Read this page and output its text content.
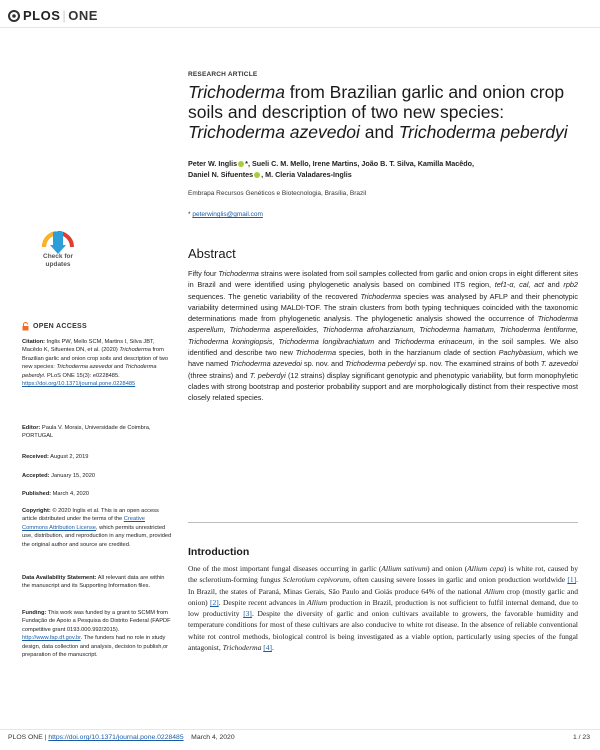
PLOS | ONE
RESEARCH ARTICLE
Trichoderma from Brazilian garlic and onion crop soils and description of two new species: Trichoderma azevedoi and Trichoderma peberdyi
Peter W. Inglis *, Sueli C. M. Mello, Irene Martins, João B. T. Silva, Kamilla Macêdo,
Daniel N. Sifuentes , M. Cleria Valadares-Inglis
Embrapa Recursos Genéticos e Biotecnologia, Brasília, Brazil
* peterwinglis@gmail.com
Abstract
Fifty four Trichoderma strains were isolated from soil samples collected from garlic and onion crops in eight different sites in Brazil and were identified using phylogenetic analysis based on combined ITS region, tef1-α, cal, act and rpb2 sequences. The genetic variability of the recovered Trichoderma species was analysed by AFLP and their phenotypic variability determined using MALDI-TOF. The strain clusters from both typing techniques coincided with the taxonomic determinations made from phylogenetic analysis. The phylogenetic analysis showed the occurrence of Trichoderma asperellum, Trichoderma asperelloides, Trichoderma afroharzianum, Trichoderma hamatum, Trichoderma lentiforme, Trichoderma koningiopsis, Trichoderma longibrachiatum and Trichoderma erinaceum, in the soil samples. We also identified and describe two new Trichoderma species, both in the harzianum clade of section Pachybasium, which we have named Trichoderma azevedoi sp. nov. and Trichoderma peberdyi sp. nov. The examined strains of both T. azevedoi (three strains) and T. peberdyi (12 strains) display significant genotypic and phenotypic variability, but form monophyletic clades with strong bootstrap and posterior probability support and are morphologically distinct from their respective most closely related species.
Introduction
One of the most important fungal diseases occurring in garlic (Allium sativum) and onion (Allium cepa) is white rot, caused by the sclerotium-forming fungus Sclerotium cepivorum, often causing severe losses in garlic and onion production worldwide [1]. In Brazil, the states of Paraná, Minas Gerais, São Paulo and Goiás produce 64% of the national Allium crop (mostly garlic and onion) [2]. Despite recent advances in Allium production in Brazil, production is not sufficient to fulfil internal demand, due to low productivity [3]. Despite the diversity of garlic and onion cultivars available to growers, the favorable humidity and temperature conditions for most of these cultivars are also conducive to white rot disease. In the absence of reliable conventional white rot control methods, biological control is being investigated as a viable option, particularly using species of the fungal antagonist, Trichoderma [4].
Check for
updates
OPEN ACCESS
Citation: Inglis PW, Mello SCM, Martins I, Silva JBT, Macêdo K, Sifuentes DN, et al. (2020) Trichoderma from Brazilian garlic and onion crop soils and description of two new species: Trichoderma azevedoi and Trichoderma peberdyi. PLoS ONE 15(3): e0228485. https://doi.org/10.1371/journal.pone.0228485
Editor: Paula V. Morais, Universidade de Coimbra, PORTUGAL
Received: August 2, 2019
Accepted: January 15, 2020
Published: March 4, 2020
Copyright: © 2020 Inglis et al. This is an open access article distributed under the terms of the Creative Commons Attribution License, which permits unrestricted use, distribution, and reproduction in any medium, provided the original author and source are credited.
Data Availability Statement: All relevant data are within the manuscript and its Supporting Information files.
Funding: This work was funded by a grant to SCMM from Fundação de Apoio a Pesquisa do Distrito Federal (FAPDF competitive grant 0193.000.992/2015). http://www.fap.df.gov.br. The funders had no role in study design, data collection and analysis, decision to publish,or preparation of the manuscript.
PLOS ONE | https://doi.org/10.1371/journal.pone.0228485 March 4, 2020	1 / 23
